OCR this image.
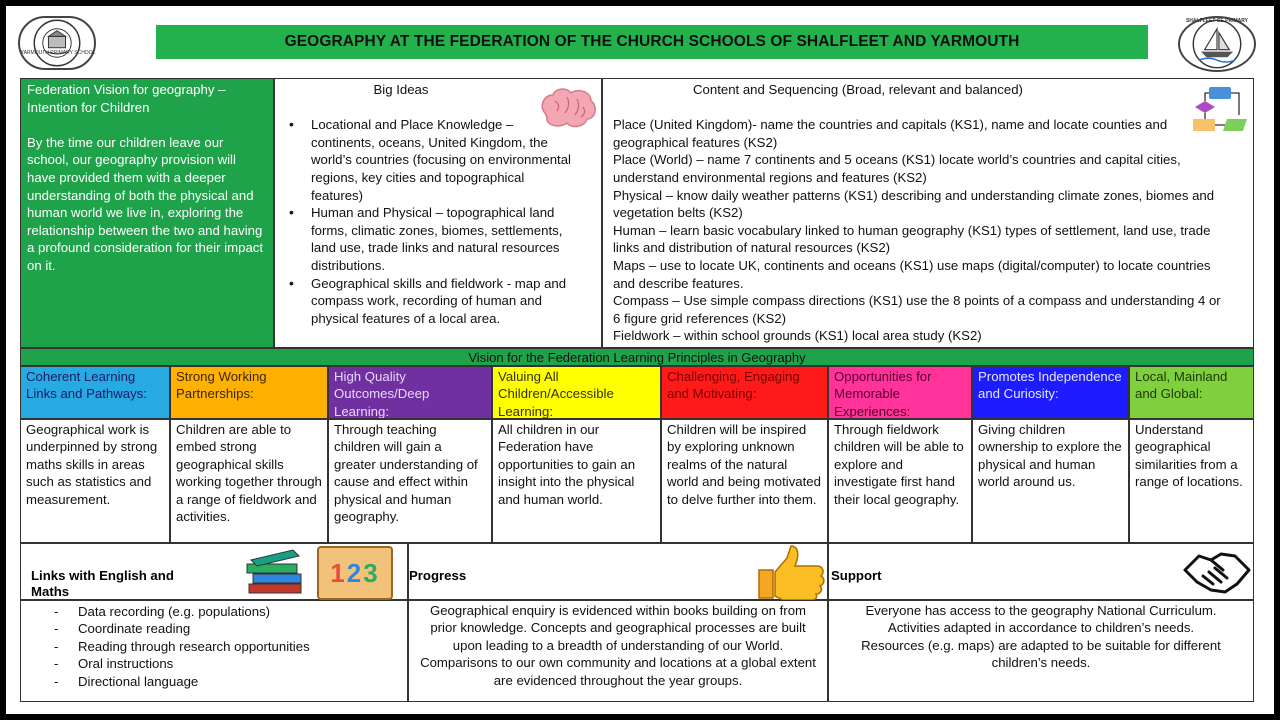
YARMOUTH PRIMARY SCHOOL
GEOGRAPHY AT THE FEDERATION OF THE CHURCH SCHOOLS OF SHALFLEET AND YARMOUTH
SHALFLEET CE PRIMARY

Federation Vision for geography – Intention for Children

By the time our children leave our school, our geography provision will have provided them with a deeper understanding of both the physical and human world we live in, exploring the relationship between the two and having a profound consideration for their impact on it.

Big Ideas
• Locational and Place Knowledge – continents, oceans, United Kingdom, the world’s countries (focusing on environmental regions, key cities and topographical features)
• Human and Physical – topographical land forms, climatic zones, biomes, settlements, land use, trade links and natural resources distributions.
• Geographical skills and fieldwork - map and compass work, recording of human and physical features of a local area.
Content and Sequencing (Broad, relevant and balanced)
Place (United Kingdom)- name the countries and capitals (KS1), name and locate counties and geographical features (KS2)
Place (World) – name 7 continents and 5 oceans (KS1) locate world’s countries and capital cities, understand environmental regions and features (KS2)
Physical – know daily weather patterns (KS1) describing and understanding climate zones, biomes and vegetation belts (KS2)
Human – learn basic vocabulary linked to human geography (KS1) types of settlement, land use, trade links and distribution of natural resources (KS2)
Maps – use to locate UK, continents and oceans (KS1) use maps (digital/computer) to locate countries and describe features.
Compass – Use simple compass directions (KS1) use the 8 points of a compass and understanding 4 or 6 figure grid references (KS2)
Fieldwork – within school grounds (KS1) local area study (KS2)
Vision for the Federation Learning Principles in Geography
Coherent Learning Links and Pathways:
Geographical work is underpinned by strong maths skills in areas such as statistics and measurement.
Strong Working Partnerships:
Children are able to embed strong geographical skills working together through a range of fieldwork and activities.
High Quality Outcomes/Deep Learning:
Through teaching children will gain a greater understanding of cause and effect within physical and human geography.
Valuing All Children/Accessible Learning:
All children in our Federation have opportunities to gain an insight into the physical and human world.
Challenging, Engaging and Motivating:
Children will be inspired by exploring unknown realms of the natural world and being motivated to delve further into them.
Opportunities for Memorable Experiences:
Through fieldwork children will be able to explore and investigate first hand their local geography.
Promotes Independence and Curiosity:
Giving children ownership to explore the physical and human world around us.
Local, Mainland and Global:
Understand geographical similarities from a range of locations.
Links with English and Maths
123
- Data recording (e.g. populations)
- Coordinate reading
- Reading through research opportunities
- Oral instructions
- Directional language
Progress
Geographical enquiry is evidenced within books building on from prior knowledge. Concepts and geographical processes are built upon leading to a breadth of understanding of our World.
Comparisons to our own community and locations at a global extent are evidenced throughout the year groups.
Support
Everyone has access to the geography National Curriculum.
Activities adapted in accordance to children’s needs.
Resources (e.g. maps) are adapted to be suitable for different children’s needs.
